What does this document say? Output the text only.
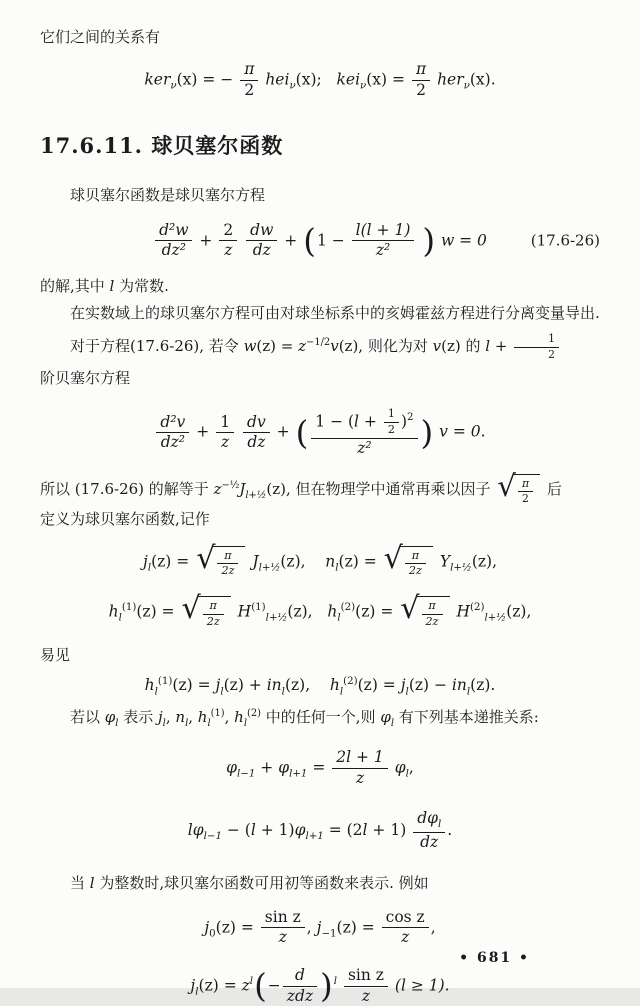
它们之间的关系有

ker$_\nu$(x) = − $\frac{\pi}{2} hei_\nu(x)$; $kei_\nu(x) = \frac{\pi}{2} her_\nu(x)$.
17.6.11. 球贝塞尔函数

球贝塞尔函数是球贝塞尔方程

$\frac{\text{d²w}}{\text{dz²}} + \frac{2}{z}$
$\frac{dw}{dz} + (1 - \frac{l(l + 1)}{\text{z²}}$ ) w = 0	(17.6-26)

的解,其中 l 为常数.

在实数域上的球贝塞尔方程可由对球坐标系中的亥姆霍兹方程进行分离变量导出.

对于方程(17.6-26), 若令 $w(z) = z^{-1/2}v(z)$, 则化为对 v(z) 的 $l + \frac{1}{2}$

阶贝塞尔方程

$\frac{\text{d²v}}{\text{dz²}} + \frac{1}{z}$
$\frac{dv}{dz}$ + ( $\frac{1 - (l + \frac{1}{2} )^2}{\text{z²}}$ ) v = 0.

所以 (17.6-26) 的解等于 $z^{-\frac{1}{2}}J_{l+\frac{1}{2}}(z)$, 但在物理学中通常再乘以因子 √ $\frac{\pi}{2}$ 后

定义为球贝塞尔函数,记作

$j_l(z)$ = √ $\frac{\pi}{2z} J_{l+\frac{1}{2}}(z)$, $n_l(z)$ = √ $\frac{\pi}{2z} Y_{l+\frac{1}{2}}(z)$,
$h_l^{(1)}(z)$ = √ $\frac{\pi}{2z} H^{(1)}_{l+\frac{1}{2}}(z)$, $h_l^{(2)}(z)$ = √ $\frac{\pi}{2z} H^{(2)}_{l+\frac{1}{2}}(z)$,

易见

$h_l^{(1)}(z) = j_l(z) + in_l(z)$, $h_l^{(2)}(z) = j_l(z) - in_l(z)$.

若以 $\varphi_l$ 表示 $j_l$, $n_l$, $h_l^{(1)}$, $h_l^{(2)}$ 中的任何一个,则 $\varphi_l$ 有下列基本递推关系:

$\varphi_{l-1} + \varphi_{l+1} = \frac{2l + 1}{z} \varphi_l$,
$l\varphi_{l-1} - (l + 1)\varphi_{l+1} = (2l + 1) \frac{d\varphi_l}{dz}$ .

当 l 为整数时,球贝塞尔函数可用初等函数来表示. 例如

$j_0(z) = \frac{\text{sin z}}{z}$ , $j_{-1}(z) = \frac{\text{cos z}}{z}$ ,
$j_l(z) = z^l(- \frac{d}{\text{zdz}} )^l \frac{\text{sin z}}{z} (l \ge 1)$.
• 681 •
